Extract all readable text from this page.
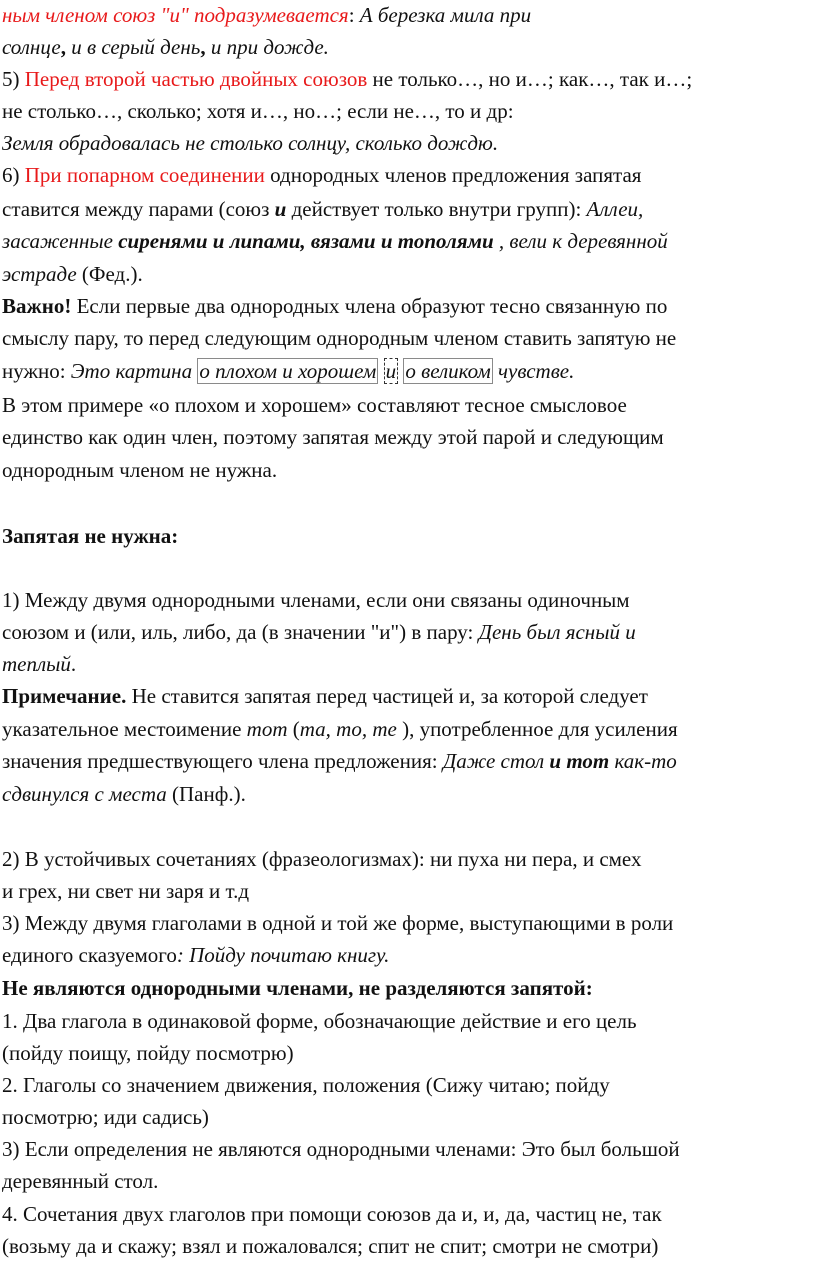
ным членом союз "и" подразумевается: А березка мила при
солнце, и в серый день, и при дожде.
5) Перед второй частью двойных союзов не только…, но и…; как…, так и…;
не столько…, сколько; хотя и…, но…; если не…, то и др:
Земля обрадовалась не столько солнцу, сколько дождю.
6) При попарном соединении однородных членов предложения запятая
ставится между парами (союз и действует только внутри групп): Аллеи,
засаженные сиренями и липами, вязами и тополями , вели к деревянной
эстраде (Фед.).
Важно! Если первые два однородных члена образуют тесно связанную по
смыслу пару, то перед следующим однородным членом ставить запятую не
нужно: Это картина о плохом и хорошем и о великом чувстве.
В этом примере «о плохом и хорошем» составляют тесное смысловое
единство как один член, поэтому запятая между этой парой и следующим
однородным членом не нужна.
Запятая не нужна:
1) Между двумя однородными членами, если они связаны одиночным
союзом и (или, иль, либо, да (в значении "и") в пару: День был ясный и
теплый.
Примечание. Не ставится запятая перед частицей и, за которой следует
указательное местоимение тот (та, то, те ), употребленное для усиления
значения предшествующего члена предложения: Даже стол и тот как-то
сдвинулся с места (Панф.).
2) В устойчивых сочетаниях (фразеологизмах): ни пуха ни пера, и смех
и грех, ни свет ни заря и т.д
3) Между двумя глаголами в одной и той же форме, выступающими в роли
единого сказуемого: Пойду почитаю книгу.
Не являются однородными членами, не разделяются запятой:
1. Два глагола в одинаковой форме, обозначающие действие и его цель
(пойду поищу, пойду посмотрю)
2. Глаголы со значением движения, положения (Сижу читаю; пойду
посмотрю; иди садись)
3) Если определения не являются однородными членами: Это был большой
деревянный стол.
4. Сочетания двух глаголов при помощи союзов да и, и, да, частиц не, так
(возьму да и скажу; взял и пожаловался; спит не спит; смотри не смотри)
